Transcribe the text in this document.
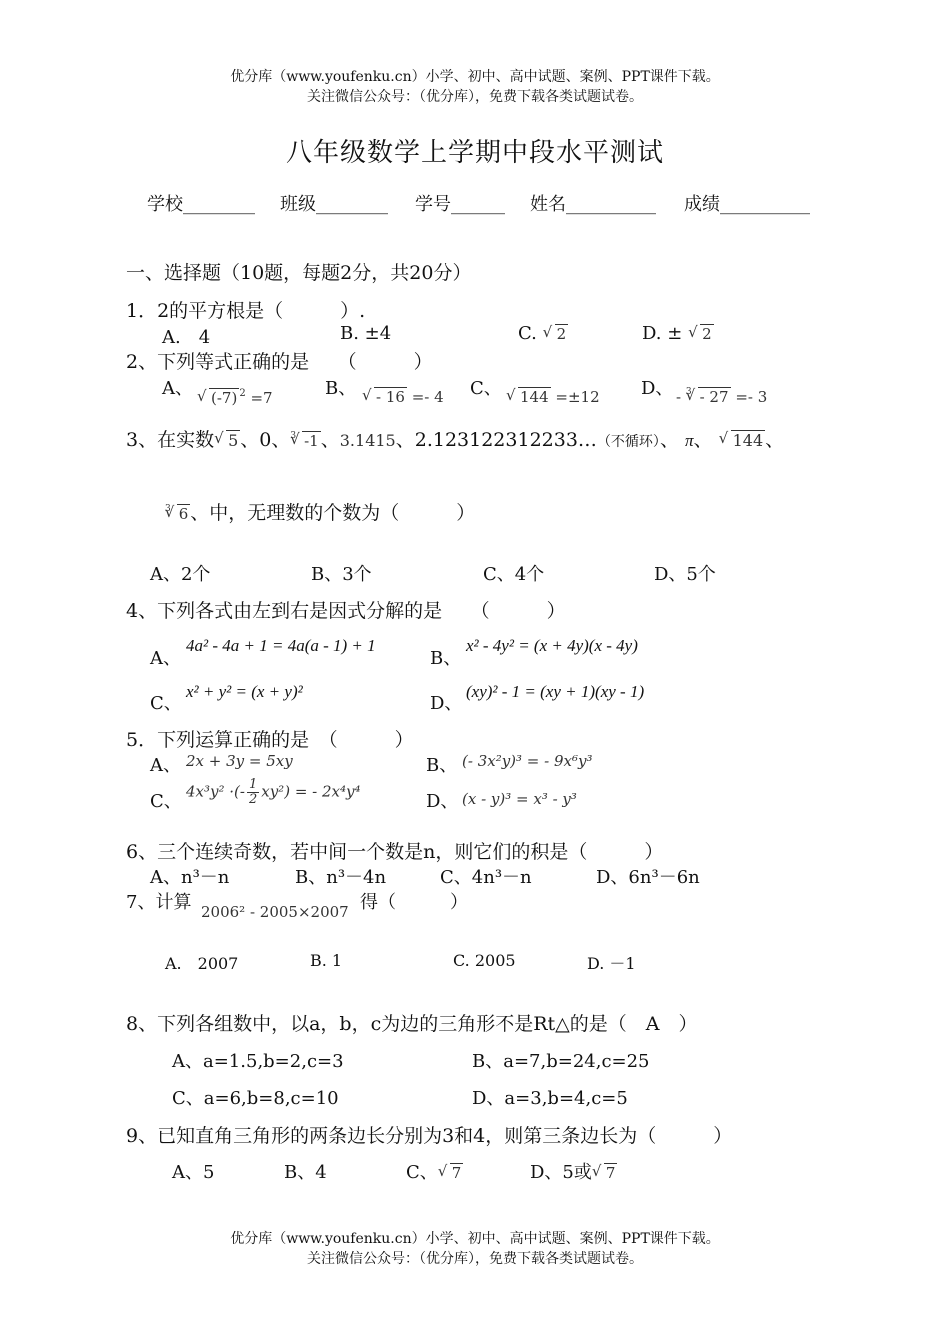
优分库（www.youfenku.cn）小学、初中、高中试题、案例、PPT课件下载。
关注微信公众号：（优分库），免费下载各类试题试卷。
八年级数学上学期中段水平测试
学校________ 班级________ 学号______ 姓名__________ 成绩__________
一、选择题（10题，每题2分，共20分）
1．2的平方根是（　　　）.
A.　4	B. ±4	C. √ 2	D. ± √ 2
2、下列等式正确的是　　（　　　）
A、	√ (-7) $^2$ =7	B、	√ - 16 =- 4 C、	√ 144 =±12 D、 - $^3$ √ - 27 =- 3
3、在实数 √ 5 、0、$^3$ √ -1 、3.1415、2.123122312233…（不循环）、 π、 √ 144 、
$^3$ √ 6 、中，无理数的个数为（　　　）
A、2个	B、3个	C、4个	D、5个
4、下列各式由左到右是因式分解的是　　（　　　）
A、
4a² - 4a + 1 = 4a(a - 1) + 1
B、
x² - 4y² = (x + 4y)(x - 4y)
C、
x² + y² = (x + y)²
D、
(xy)² - 1 = (xy + 1)(xy - 1)
5．下列运算正确的是　（　　　）
A、 2x + 3y = 5xy	B、 (- 3x²y)³ = - 9x⁶y³
C、 4x³y² ·(- $\frac{1}{2} xy^2$) = - 2x⁴y⁴	D、 (x - y)³ = x³ - y³
6、三个连续奇数，若中间一个数是n，则它们的积是（　　　）
A、n³－n	B、n³－4n	C、4n³－n	D、6n³－6n
7、计算 2006² - 2005×2007 得（　　　）
A.　2007	B. 1	C. 2005	D. －1
8、下列各组数中，以a，b，c为边的三角形不是Rt△的是（　A　）
A、a=1.5,b=2,c=3	B、a=7,b=24,c=25
C、a=6,b=8,c=10	D、a=3,b=4,c=5
9、已知直角三角形的两条边长分别为3和4，则第三条边长为（　　　）
A、5	B、4	C、 √ 7	D、5或 √ 7
优分库（www.youfenku.cn）小学、初中、高中试题、案例、PPT课件下载。
关注微信公众号：（优分库），免费下载各类试题试卷。
